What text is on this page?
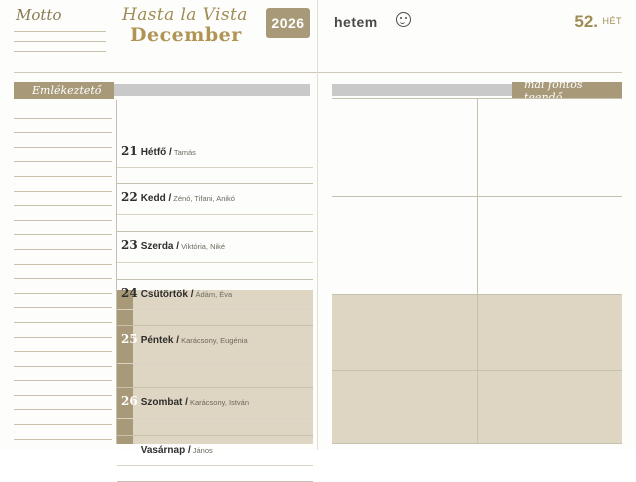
Motto	Hasta la Vista
December
2026	hetem	52. HÉT
Emlékeztető	mai fontos teendő
21 Hétfő / Tamás
22 Kedd / Zénó, Tifani, Anikó
23 Szerda / Viktória, Niké
24 Csütörtök / Ádám, Éva
25 Péntek / Karácsony, Eugénia
26 Szombat / Karácsony, István
27 Vasárnap / János
